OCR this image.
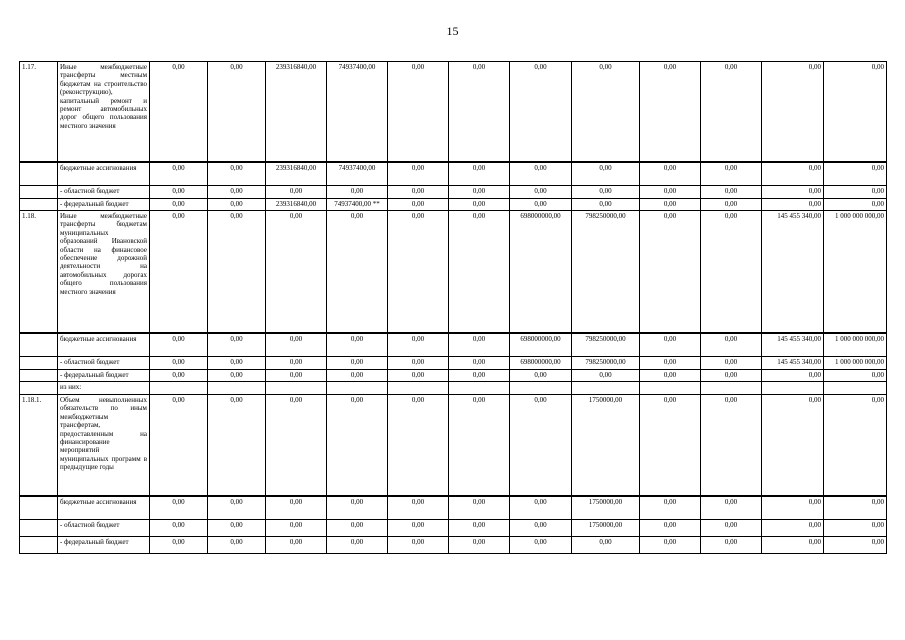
15
1.17.	Иные межбюджетные трансферты местным бюджетам на строительство (реконструкцию), капитальный ремонт и ремонт автомобильных дорог общего пользования местного значения	0,00	0,00	239316840,00	74937400,00	0,00	0,00	0,00	0,00	0,00	0,00	0,00	0,00
	бюджетные ассигнования	0,00	0,00	239316840,00	74937400,00	0,00	0,00	0,00	0,00	0,00	0,00	0,00	0,00
	- областной бюджет	0,00	0,00	0,00	0,00	0,00	0,00	0,00	0,00	0,00	0,00	0,00	0,00
	- федеральный бюджет	0,00	0,00	239316840,00	74937400,00 **	0,00	0,00	0,00	0,00	0,00	0,00	0,00	0,00
1.18.	Иные межбюджетные трансферты бюджетам муниципальных образований Ивановской области на финансовое обеспечение дорожной деятельности на автомобильных дорогах общего пользования местного значения	0,00	0,00	0,00	0,00	0,00	0,00	698000000,00	798250000,00	0,00	0,00	145 455 340,00	1 000 000 000,00
	бюджетные ассигнования	0,00	0,00	0,00	0,00	0,00	0,00	698000000,00	798250000,00	0,00	0,00	145 455 340,00	1 000 000 000,00
	- областной бюджет	0,00	0,00	0,00	0,00	0,00	0,00	698000000,00	798250000,00	0,00	0,00	145 455 340,00	1 000 000 000,00
	- федеральный бюджет	0,00	0,00	0,00	0,00	0,00	0,00	0,00	0,00	0,00	0,00	0,00	0,00
	из них:												
1.18.1.	Объем невыполненных обязательств по иным межбюджетным трансфертам, предоставленным на финансирование мероприятий муниципальных программ в предыдущие годы	0,00	0,00	0,00	0,00	0,00	0,00	0,00	1750000,00	0,00	0,00	0,00	0,00
	бюджетные ассигнования	0,00	0,00	0,00	0,00	0,00	0,00	0,00	1750000,00	0,00	0,00	0,00	0,00
	- областной бюджет	0,00	0,00	0,00	0,00	0,00	0,00	0,00	1750000,00	0,00	0,00	0,00	0,00
	- федеральный бюджет	0,00	0,00	0,00	0,00	0,00	0,00	0,00	0,00	0,00	0,00	0,00	0,00
